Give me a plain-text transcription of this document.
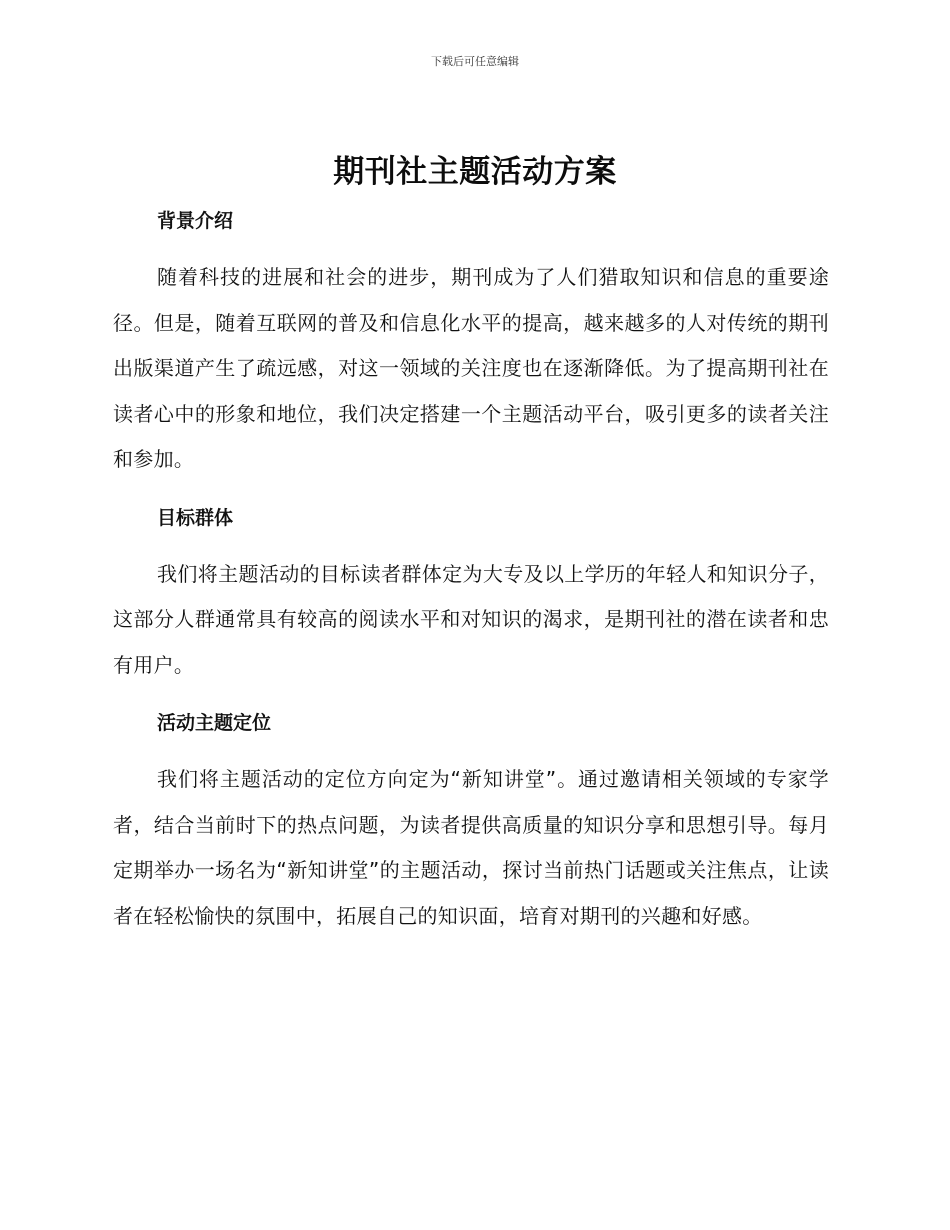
下载后可任意编辑
期刊社主题活动方案
背景介绍

随着科技的进展和社会的进步，期刊成为了人们猎取知识和信息的重要途径。但是，随着互联网的普及和信息化水平的提高，越来越多的人对传统的期刊出版渠道产生了疏远感，对这一领域的关注度也在逐渐降低。为了提高期刊社在读者心中的形象和地位，我们决定搭建一个主题活动平台，吸引更多的读者关注和参加。

目标群体

我们将主题活动的目标读者群体定为大专及以上学历的年轻人和知识分子，这部分人群通常具有较高的阅读水平和对知识的渴求，是期刊社的潜在读者和忠有用户。

活动主题定位

我们将主题活动的定位方向定为“新知讲堂”。通过邀请相关领域的专家学者，结合当前时下的热点问题，为读者提供高质量的知识分享和思想引导。每月定期举办一场名为“新知讲堂”的主题活动，探讨当前热门话题或关注焦点，让读者在轻松愉快的氛围中，拓展自己的知识面，培育对期刊的兴趣和好感。
